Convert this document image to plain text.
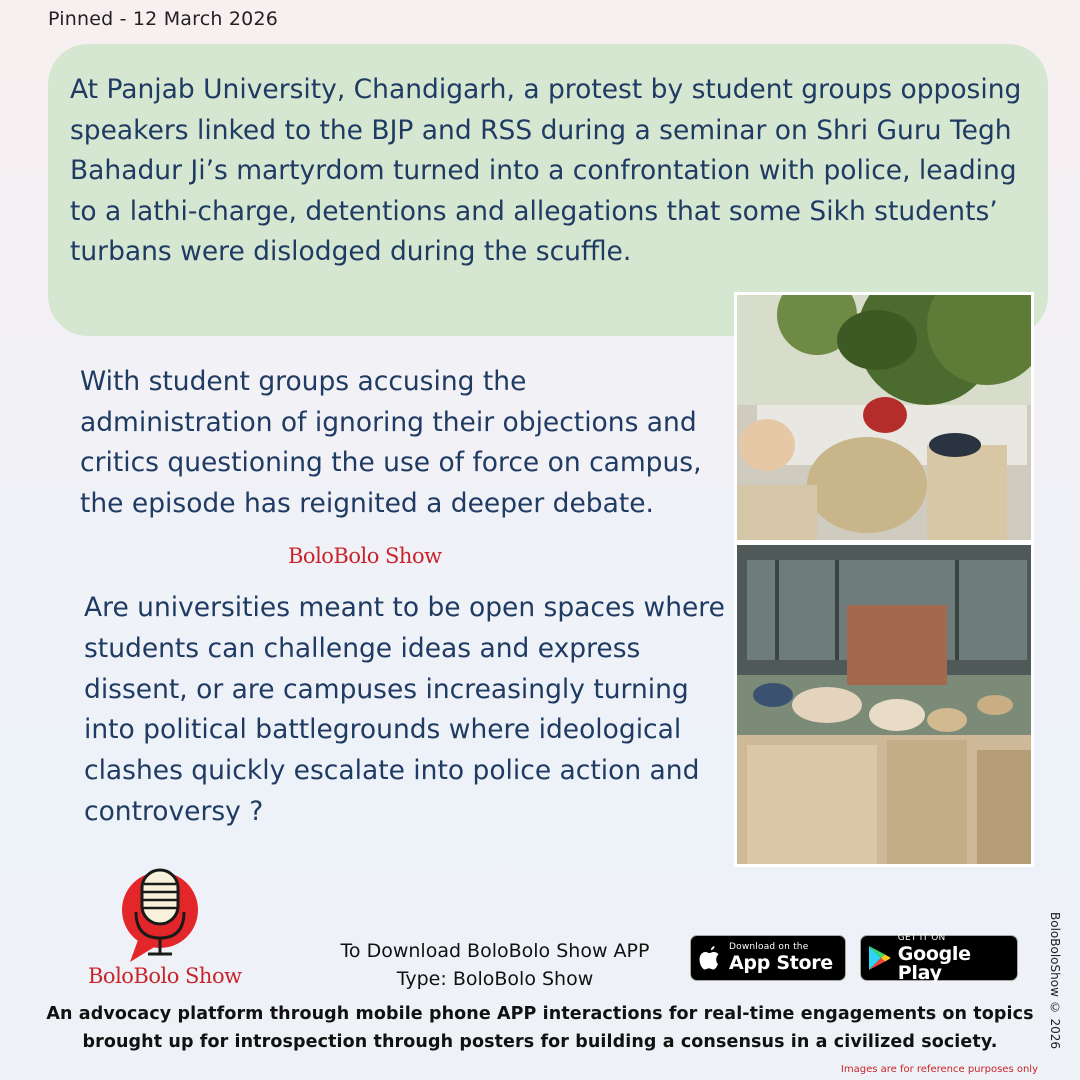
Pinned - 12 March 2026
At Panjab University, Chandigarh, a protest by student groups opposing speakers linked to the BJP and RSS during a seminar on Shri Guru Tegh Bahadur Ji’s martyrdom turned into a confrontation with police, leading to a lathi-charge, detentions and allegations that some Sikh students’ turbans were dislodged during the scuffle.
With student groups accusing the administration of ignoring their objections and critics questioning the use of force on campus, the episode has reignited a deeper debate.
BoloBolo Show
Are universities meant to be open spaces where students can challenge ideas and express dissent, or are campuses increasingly turning into political battlegrounds where ideological clashes quickly escalate into police action and controversy ?
BoloBolo Show
To Download BoloBolo Show APP
Type: BoloBolo Show
Download on the
App Store
GET IT ON
Google Play
An advocacy platform through mobile phone APP interactions for real-time engagements on topics brought up for introspection through posters for building a consensus in a civilized society.	BoloBoloShow © 2026
Images are for reference purposes only
